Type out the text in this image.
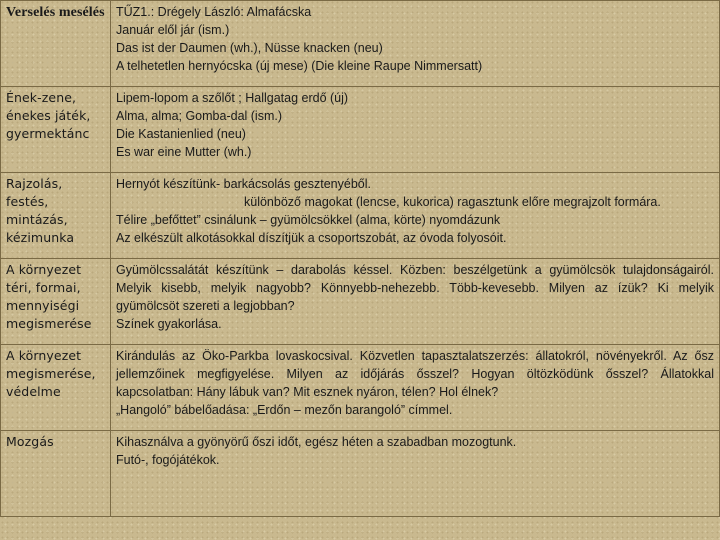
Verselés mesélés	TŰZ1.: Drégely László: Almafácska
Január elől jár (ism.)
Das ist der Daumen (wh.), Nüsse knacken (neu)
A telhetetlen hernyócska (új mese) (Die kleine Raupe Nimmersatt)

Ének-zene, énekes játék, gyermektánc	Lipem-lopom a szőlőt ; Hallgatag erdő (új)
Alma, alma; Gomba-dal (ism.)
Die Kastanienlied (neu)
Es war eine Mutter (wh.)

Rajzolás, festés, mintázás, kézimunka	Hernyót készítünk- barkácsolás gesztenyéből.
különböző magokat (lencse, kukorica) ragasztunk előre megrajzolt formára.
Télire „befőttet” csinálunk – gyümölcsökkel (alma, körte) nyomdázunk
Az elkészült alkotásokkal díszítjük a csoportszobát, az óvoda folyosóit.

A környezet téri, formai, mennyiségi megismerése	Gyümölcssalátát készítünk – darabolás késsel. Közben: beszélgetünk a gyümölcsök tulajdonságairól. Melyik kisebb, melyik nagyobb? Könnyebb-nehezebb. Több-kevesebb. Milyen az ízük? Ki melyik gyümölcsöt szereti a legjobban?
Színek gyakorlása.

A környezet megismerése, védelme	Kirándulás az Öko-Parkba lovaskocsival. Közvetlen tapasztalatszerzés: állatokról, növényekről. Az ősz jellemzőinek megfigyelése. Milyen az időjárás ősszel? Hogyan öltözködünk ősszel? Állatokkal kapcsolatban: Hány lábuk van? Mit esznek nyáron, télen? Hol élnek?
„Hangoló” bábelőadása: „Erdőn – mezőn barangoló” címmel.

Mozgás	Kihasználva a gyönyörű őszi időt, egész héten a szabadban mozogtunk.
Futó-, fogójátékok.
